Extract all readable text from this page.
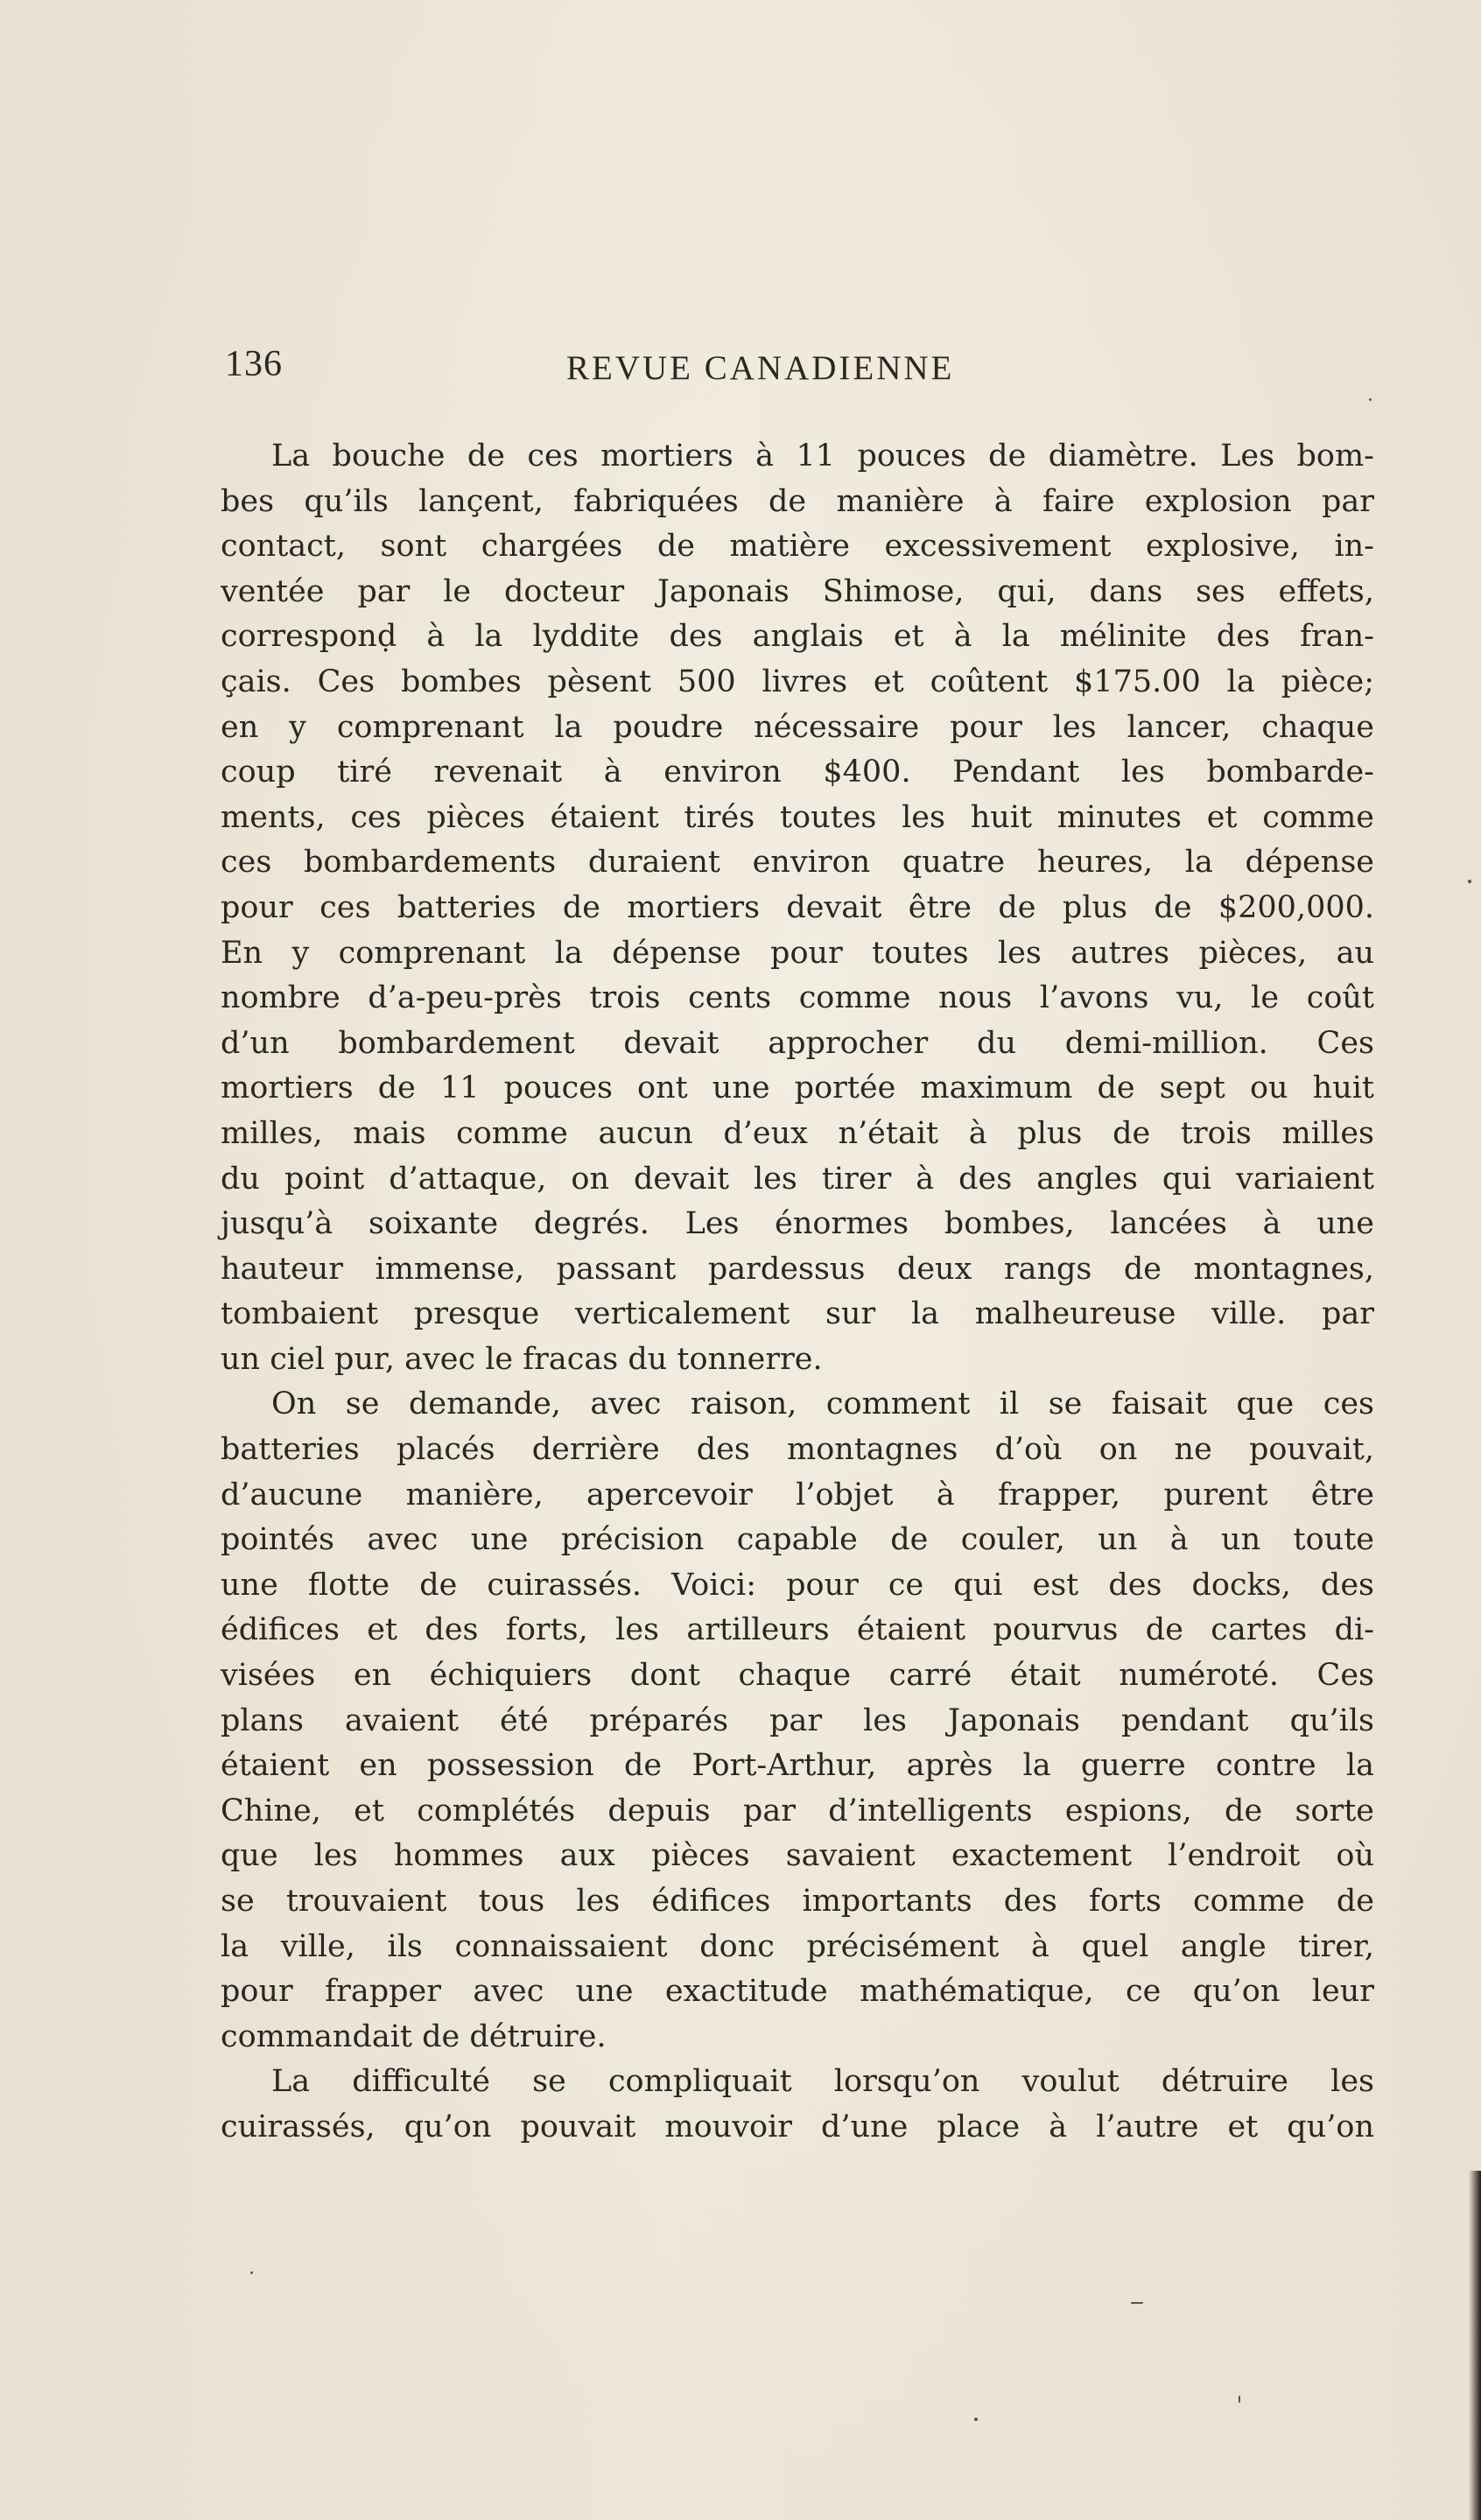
136	REVUE CANADIENNE
La bouche de ces mortiers à 11 pouces de diamètre. Les bom-
bes qu’ils lançent, fabriquées de manière à faire explosion par
contact, sont chargées de matière excessivement explosive, in-
ventée par le docteur Japonais Shimose, qui, dans ses effets,
corresponḍ à la lyddite des anglais et à la mélinite des fran-
çais. Ces bombes pèsent 500 livres et coûtent $175.00 la pièce;
en y comprenant la poudre nécessaire pour les lancer, chaque
coup tiré revenait à environ $400. Pendant les bombarde-
ments, ces pièces étaient tirés toutes les huit minutes et comme
ces bombardements duraient environ quatre heures, la dépense
pour ces batteries de mortiers devait être de plus de $200,000.
En y comprenant la dépense pour toutes les autres pièces, au
nombre d’a-peu-près trois cents comme nous l’avons vu, le coût
d’un bombardement devait approcher du demi-million. Ces
mortiers de 11 pouces ont une portée maximum de sept ou huit
milles, mais comme aucun d’eux n’était à plus de trois milles
du point d’attaque, on devait les tirer à des angles qui variaient
jusqu’à soixante degrés. Les énormes bombes, lancées à une
hauteur immense, passant pardessus deux rangs de montagnes,
tombaient presque verticalement sur la malheureuse ville. par
un ciel pur, avec le fracas du tonnerre.
On se demande, avec raison, comment il se faisait que ces
batteries placés derrière des montagnes d’où on ne pouvait,
d’aucune manière, apercevoir l’objet à frapper, purent être
pointés avec une précision capable de couler, un à un toute
une flotte de cuirassés. Voici: pour ce qui est des docks, des
édifices et des forts, les artilleurs étaient pourvus de cartes di-
visées en échiquiers dont chaque carré était numéroté. Ces
plans avaient été préparés par les Japonais pendant qu’ils
étaient en possession de Port-Arthur, après la guerre contre la
Chine, et complétés depuis par d’intelligents espions, de sorte
que les hommes aux pièces savaient exactement l’endroit où
se trouvaient tous les édifices importants des forts comme de
la ville, ils connaissaient donc précisément à quel angle tirer,
pour frapper avec une exactitude mathématique, ce qu’on leur
commandait de détruire.
La difficulté se compliquait lorsqu’on voulut détruire les
cuirassés, qu’on pouvait mouvoir d’une place à l’autre et qu’on
